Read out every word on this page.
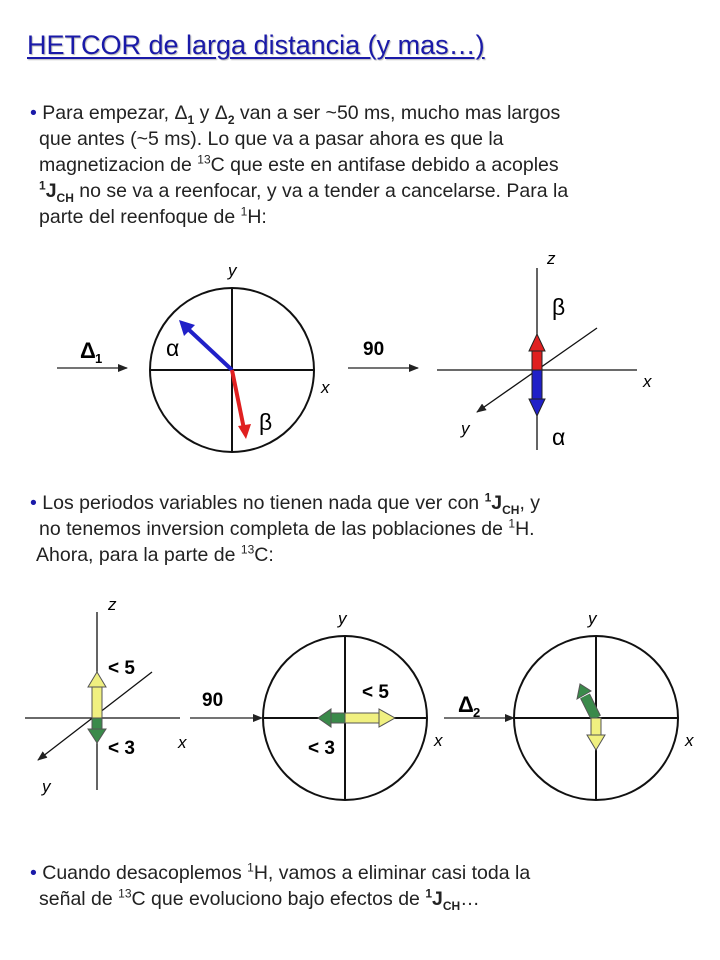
HETCOR de larga distancia (y mas…)
• Para empezar, $\Delta_1$ y $\Delta_2$ van a ser ~50 ms, mucho mas largos
que antes (~5 ms). Lo que va a pasar ahora es que la
magnetizacion de $^{13}$C que este en antifase debido a acoples
$^1J_{CH}$ no se va a reenfocar, y va a tender a cancelarse. Para la
parte del reenfoque de $^1$H:
Δ 1
y
x
α
β
90
z
x
y
β
α
• Los periodos variables no tienen nada que ver con $^1J_{CH}$, y
no tenemos inversion completa de las poblaciones de $^1$H.
Ahora, para la parte de $^{13}$C:
z
x
y
< 5
< 3
90
y
x
< 5
< 3
Δ 2
y
x
• Cuando desacoplemos $^1$H, vamos a eliminar casi toda la
señal de $^{13}$C que evoluciono bajo efectos de $^1J_{CH}\dots$
